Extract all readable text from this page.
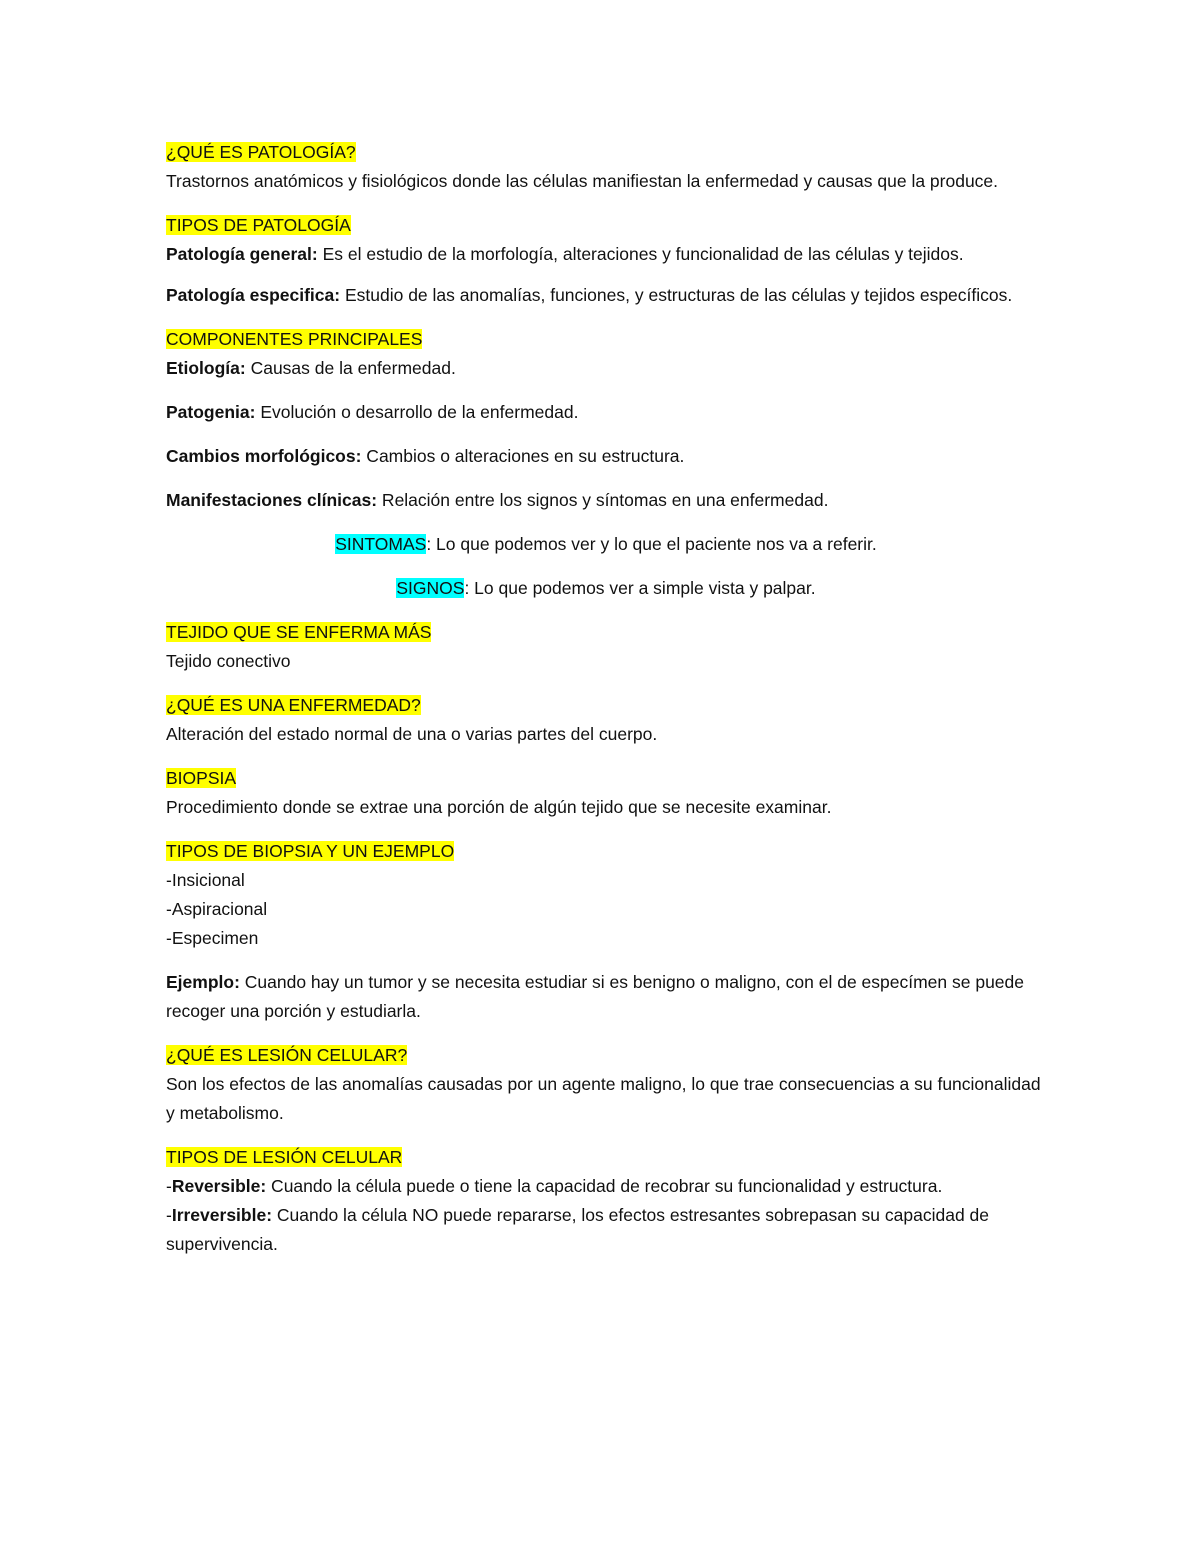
¿QUÉ ES PATOLOGÍA?
Trastornos anatómicos y fisiológicos donde las células manifiestan la enfermedad y causas que la produce.
TIPOS DE PATOLOGÍA
Patología general: Es el estudio de la morfología, alteraciones y funcionalidad de las células y tejidos.
Patología especifica: Estudio de las anomalías, funciones, y estructuras de las células y tejidos específicos.
COMPONENTES PRINCIPALES
Etiología: Causas de la enfermedad.
Patogenia: Evolución o desarrollo de la enfermedad.
Cambios morfológicos: Cambios o alteraciones en su estructura.
Manifestaciones clínicas: Relación entre los signos y síntomas en una enfermedad.
SINTOMAS: Lo que podemos ver y lo que el paciente nos va a referir.
SIGNOS: Lo que podemos ver a simple vista y palpar.
TEJIDO QUE SE ENFERMA MÁS
Tejido conectivo
¿QUÉ ES UNA ENFERMEDAD?
Alteración del estado normal de una o varias partes del cuerpo.
BIOPSIA
Procedimiento donde se extrae una porción de algún tejido que se necesite examinar.
TIPOS DE BIOPSIA Y UN EJEMPLO
-Insicional
-Aspiracional
-Especimen
Ejemplo: Cuando hay un tumor y se necesita estudiar si es benigno o maligno, con el de especímen se puede recoger una porción y estudiarla.
¿QUÉ ES LESIÓN CELULAR?
Son los efectos de las anomalías causadas por un agente maligno, lo que trae consecuencias a su funcionalidad y metabolismo.
TIPOS DE LESIÓN CELULAR
-Reversible: Cuando la célula puede o tiene la capacidad de recobrar su funcionalidad y estructura.
-Irreversible: Cuando la célula NO puede repararse, los efectos estresantes sobrepasan su capacidad de supervivencia.
